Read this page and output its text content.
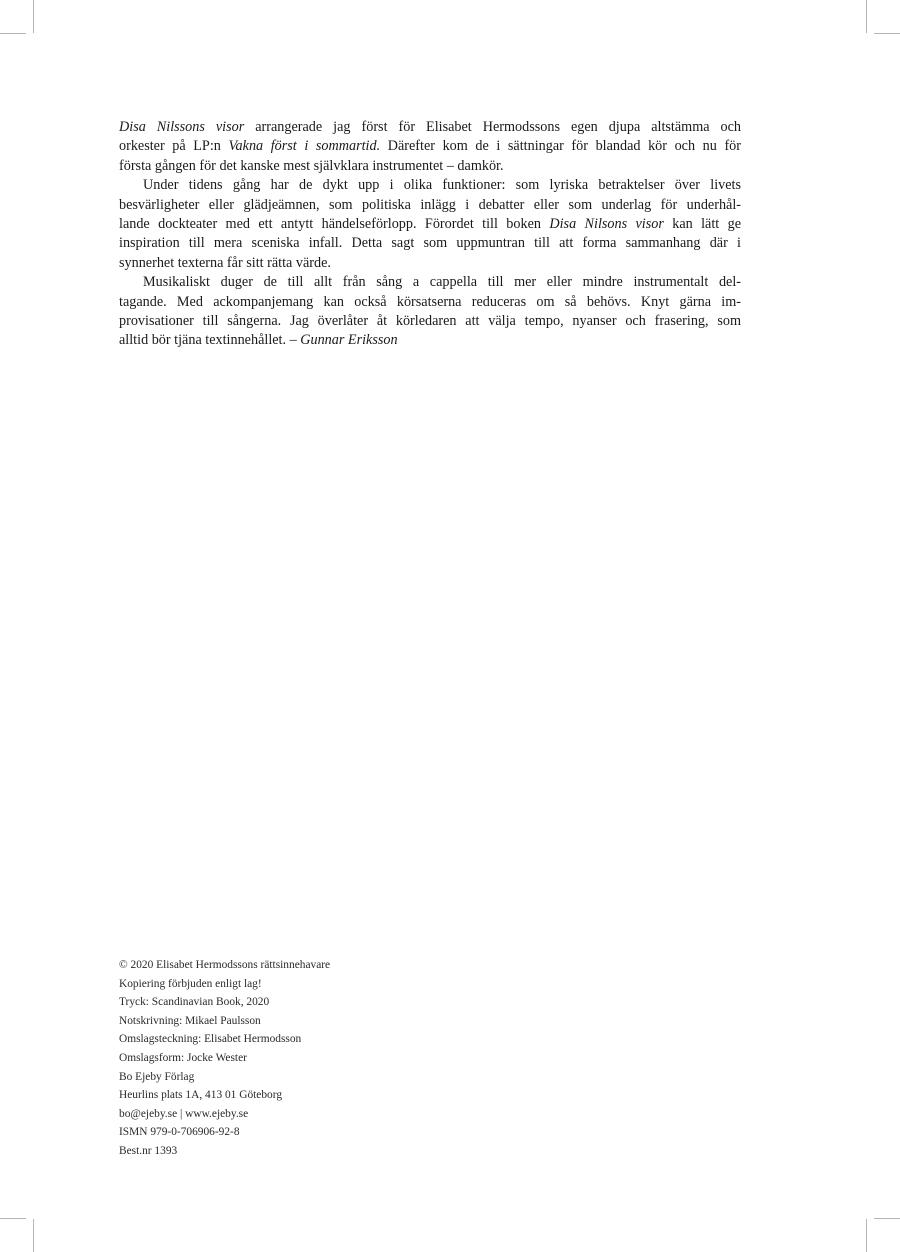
Disa Nilssons visor arrangerade jag först för Elisabet Hermodssons egen djupa altstämma och
orkester på LP:n Vakna först i sommartid. Därefter kom de i sättningar för blandad kör och nu för
första gången för det kanske mest självklara instrumentet – damkör.
Under tidens gång har de dykt upp i olika funktioner: som lyriska betraktelser över livets
besvärligheter eller glädjeämnen, som politiska inlägg i debatter eller som underlag för underhål-
lande dockteater med ett antytt händelseförlopp. Förordet till boken Disa Nilsons visor kan lätt ge
inspiration till mera sceniska infall. Detta sagt som uppmuntran till att forma sammanhang där i
synnerhet texterna får sitt rätta värde.
Musikaliskt duger de till allt från sång a cappella till mer eller mindre instrumentalt del-
tagande. Med ackompanjemang kan också körsatserna reduceras om så behövs. Knyt gärna im-
provisationer till sångerna. Jag överlåter åt körledaren att välja tempo, nyanser och frasering, som
alltid bör tjäna textinnehållet. – Gunnar Eriksson
© 2020 Elisabet Hermodssons rättsinnehavare
Kopiering förbjuden enligt lag!
Tryck: Scandinavian Book, 2020
Notskrivning: Mikael Paulsson
Omslagsteckning: Elisabet Hermodsson
Omslagsform: Jocke Wester
Bo Ejeby Förlag
Heurlins plats 1A, 413 01 Göteborg
bo@ejeby.se | www.ejeby.se
ISMN 979-0-706906-92-8
Best.nr 1393
